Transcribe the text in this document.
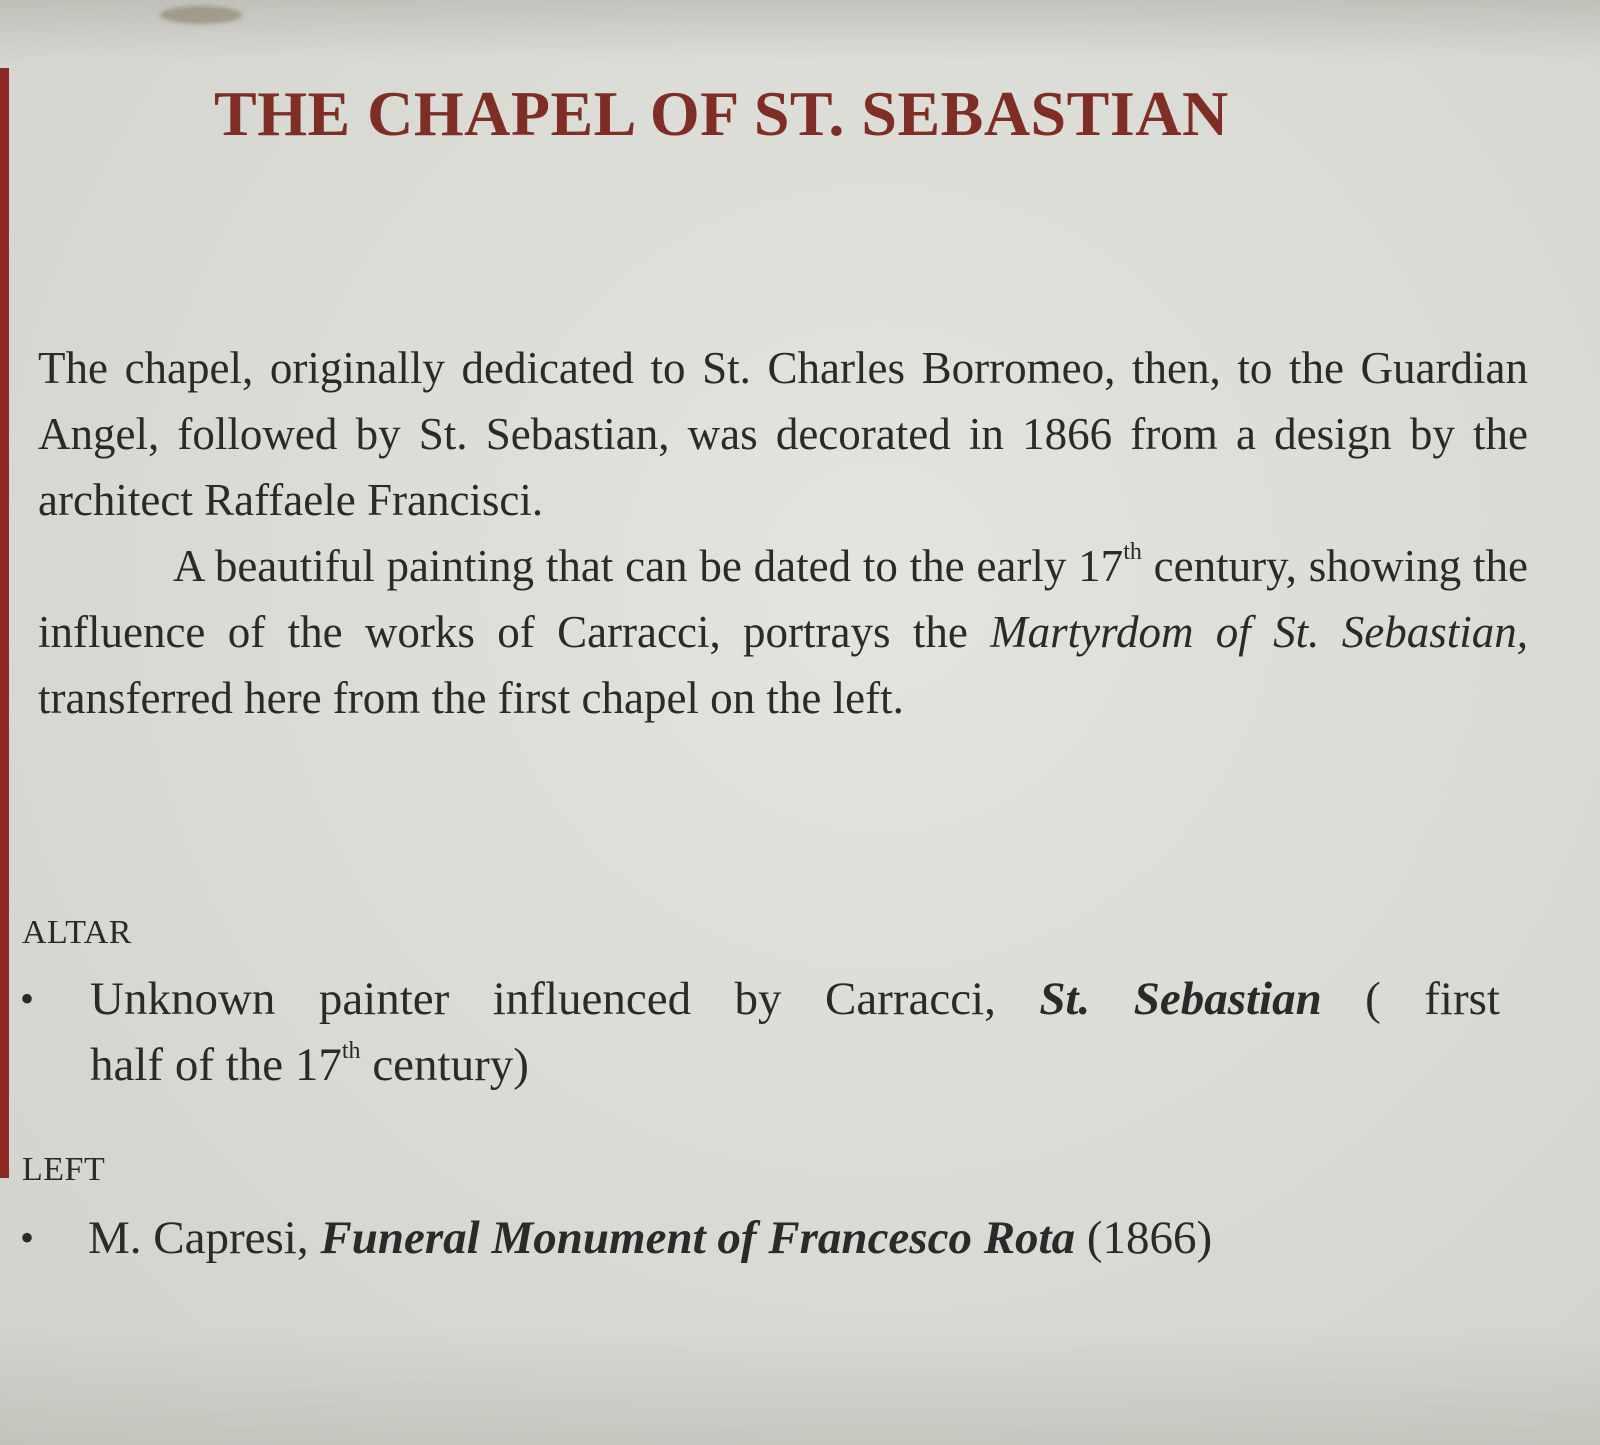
THE CHAPEL OF ST. SEBASTIAN

The chapel, originally dedicated to St. Charles Borromeo, then, to the Guardian Angel, followed by St. Sebastian, was decorated in 1866 from a design by the architect Raffaele Francisci.

A beautiful painting that can be dated to the early 17th century, showing the influence of the works of Carracci, portrays the Martyrdom of St. Sebastian, transferred here from the first chapel on the left.

ALTAR
•	Unknown painter influenced by Carracci, St. Sebastian ( first
half of the 17th century)
LEFT
•	M. Capresi, Funeral Monument of Francesco Rota (1866)
